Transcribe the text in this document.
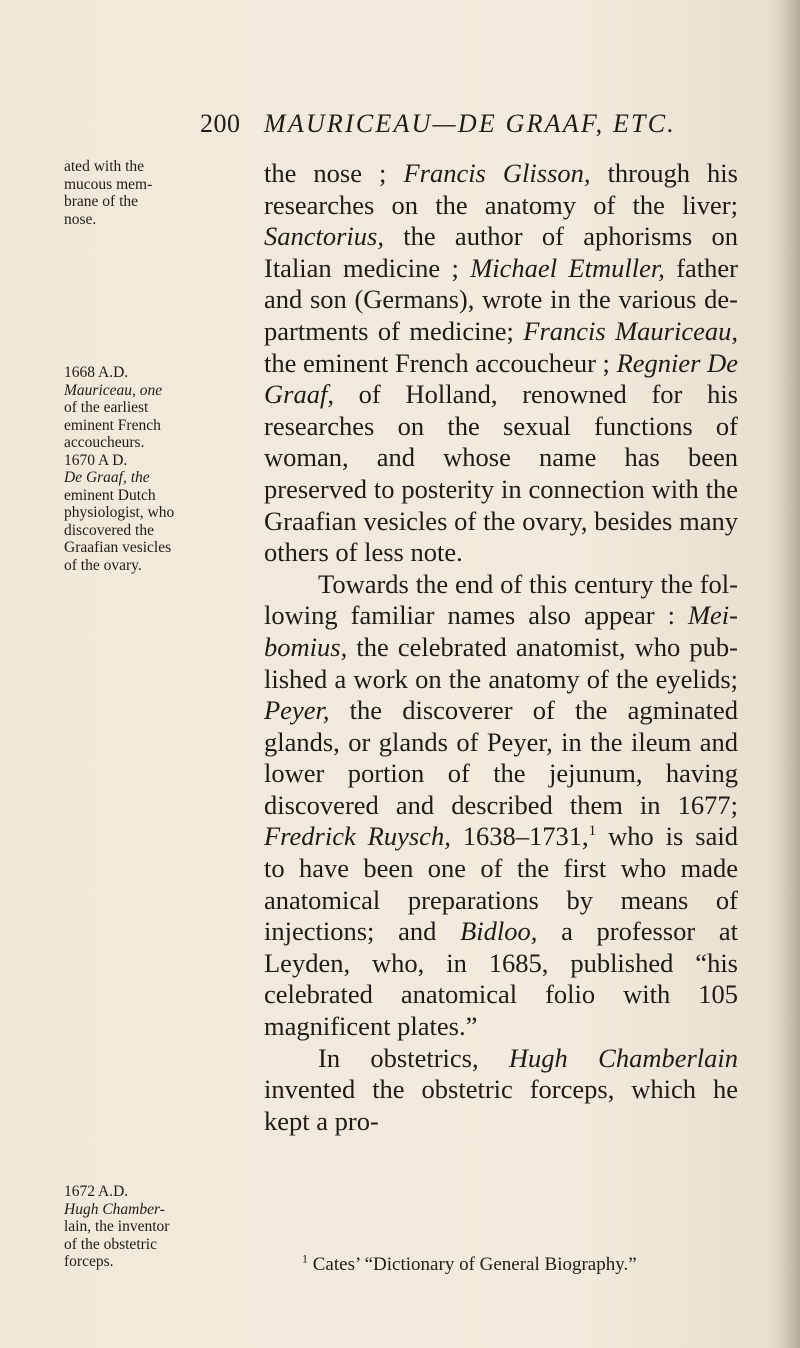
200 MAURICEAU—DE GRAAF, ETC.
ated with the
mucous mem-
brane of the
nose.
1668 A.D.
Mauriceau, one
of the earliest
eminent French
accoucheurs.
1670 A D.
De Graaf, the
eminent Dutch
physiologist, who
discovered the
Graafian vesicles
of the ovary.
1672 A.D.
Hugh Chamber-
lain, the inventor
of the obstetric
forceps.

the nose ; Francis Glisson, through his researches on the anatomy of the liver; Sanctorius, the author of aphorisms on Italian medicine ; Michael Etmuller, father and son (Germans), wrote in the various departments of medicine; Francis Mauriceau, the eminent French accoucheur ; Regnier De Graaf, of Holland, renowned for his researches on the sexual functions of woman, and whose name has been preserved to posterity in connection with the Graafian vesicles of the ovary, besides many others of less note.

Towards the end of this century the following familiar names also appear : Meibomius, the celebrated anatomist, who published a work on the anatomy of the eyelids; Peyer, the discoverer of the agminated glands, or glands of Peyer, in the ileum and lower portion of the jejunum, having discovered and described them in 1677; Fredrick Ruysch, 1638–1731,$^1$ who is said to have been one of the first who made anatomical preparations by means of injections; and Bidloo, a professor at Leyden, who, in 1685, published “his celebrated anatomical folio with 105 magnificent plates.”

In obstetrics, Hugh Chamberlain invented the obstetric forceps, which he kept a pro-

$^1$ Cates’ “Dictionary of General Biography.”
